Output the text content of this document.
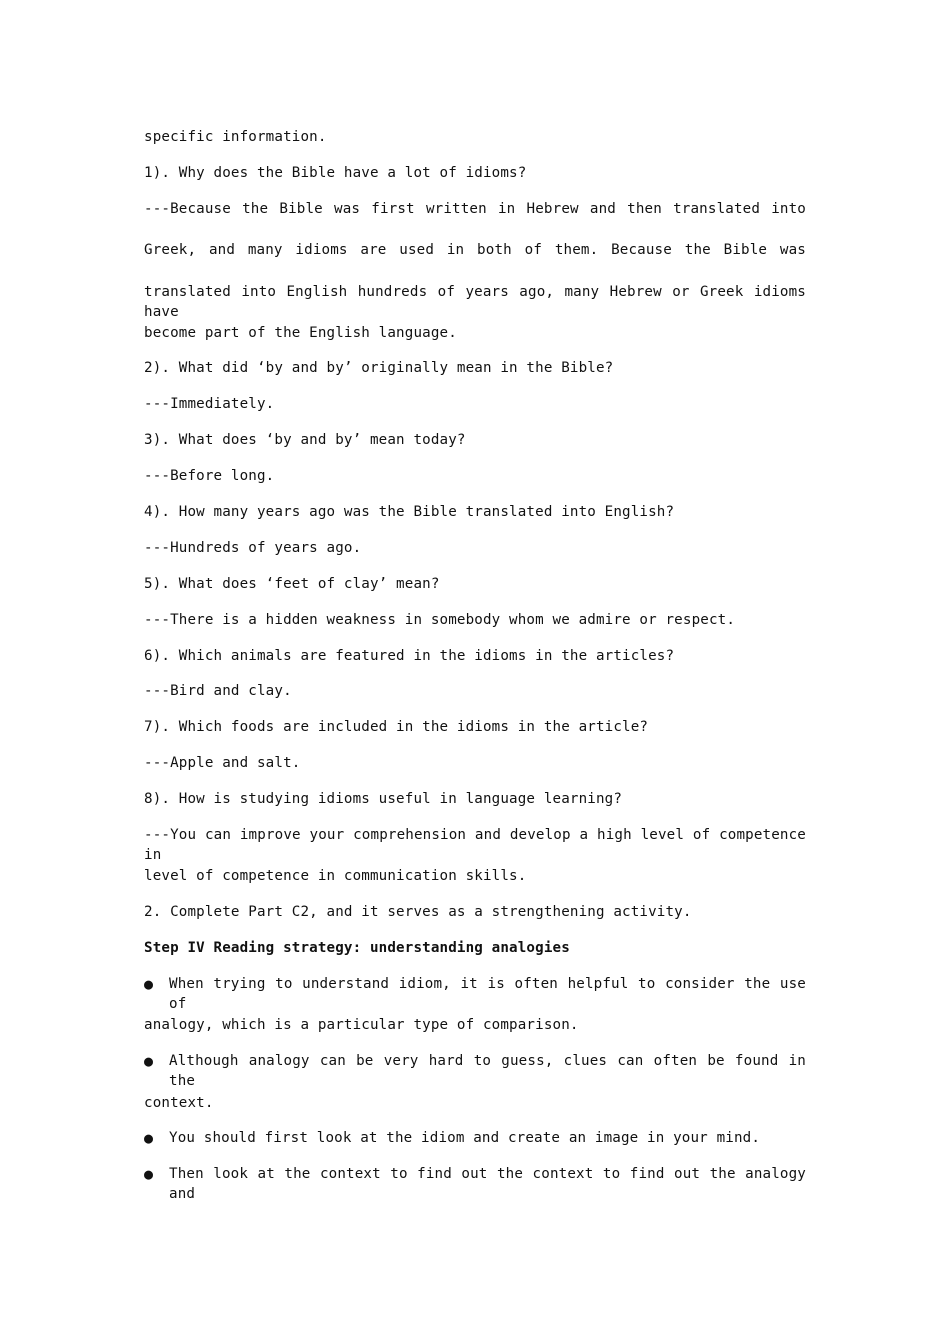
specific information.
1). Why does the Bible have a lot of idioms?
---Because the Bible was first written in Hebrew and then translated into
Greek, and many idioms are used in both of them. Because the Bible was
translated into English hundreds of years ago, many Hebrew or Greek idioms have
become part of the English language.
2). What did ‘by and by’ originally mean in the Bible?
---Immediately.
3). What does ‘by and by’ mean today?
---Before long.
4). How many years ago was the Bible translated into English?
---Hundreds of years ago.
5). What does ‘feet of clay’ mean?
---There is a hidden weakness in somebody whom we admire or respect.
6). Which animals are featured in the idioms in the articles?
---Bird and clay.
7). Which foods are included in the idioms in the article?
---Apple and salt.
8). How is studying idioms useful in language learning?
---You can improve your comprehension and develop a high level of competence in
level of competence in communication skills.
2. Complete Part C2, and it serves as a strengthening activity.
Step IV Reading strategy: understanding analogies
●	When trying to understand idiom, it is often helpful to consider the use of
analogy, which is a particular type of comparison.
●	Although analogy can be very hard to guess, clues can often be found in the
context.
●	You should first look at the idiom and create an image in your mind.
●	Then look at the context to find out the context to find out the analogy and
